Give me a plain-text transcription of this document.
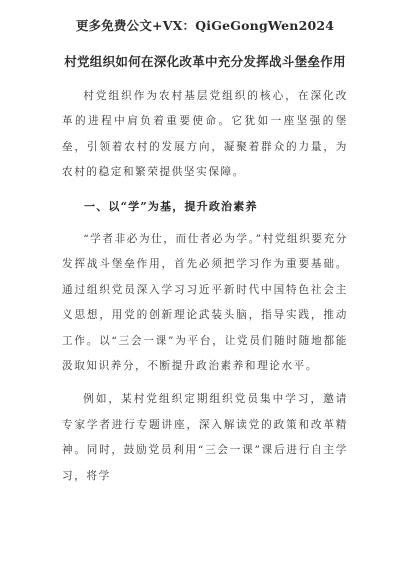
更多免费公文+VX：QiGeGongWen2024
村党组织如何在深化改革中充分发挥战斗堡垒作用

村党组织作为农村基层党组织的核心，在深化改革的进程中肩负着重要使命。它犹如一座坚强的堡垒，引领着农村的发展方向，凝聚着群众的力量，为农村的稳定和繁荣提供坚实保障。

一、以“学”为基，提升政治素养

“学者非必为仕，而仕者必为学。”村党组织要充分发挥战斗堡垒作用，首先必须把学习作为重要基础。通过组织党员深入学习习近平新时代中国特色社会主义思想，用党的创新理论武装头脑，指导实践，推动工作。以“三会一课”为平台，让党员们随时随地都能汲取知识养分，不断提升政治素养和理论水平。

例如，某村党组织定期组织党员集中学习，邀请专家学者进行专题讲座，深入解读党的政策和改革精神。同时，鼓励党员利用“三会一课”课后进行自主学习，将学
